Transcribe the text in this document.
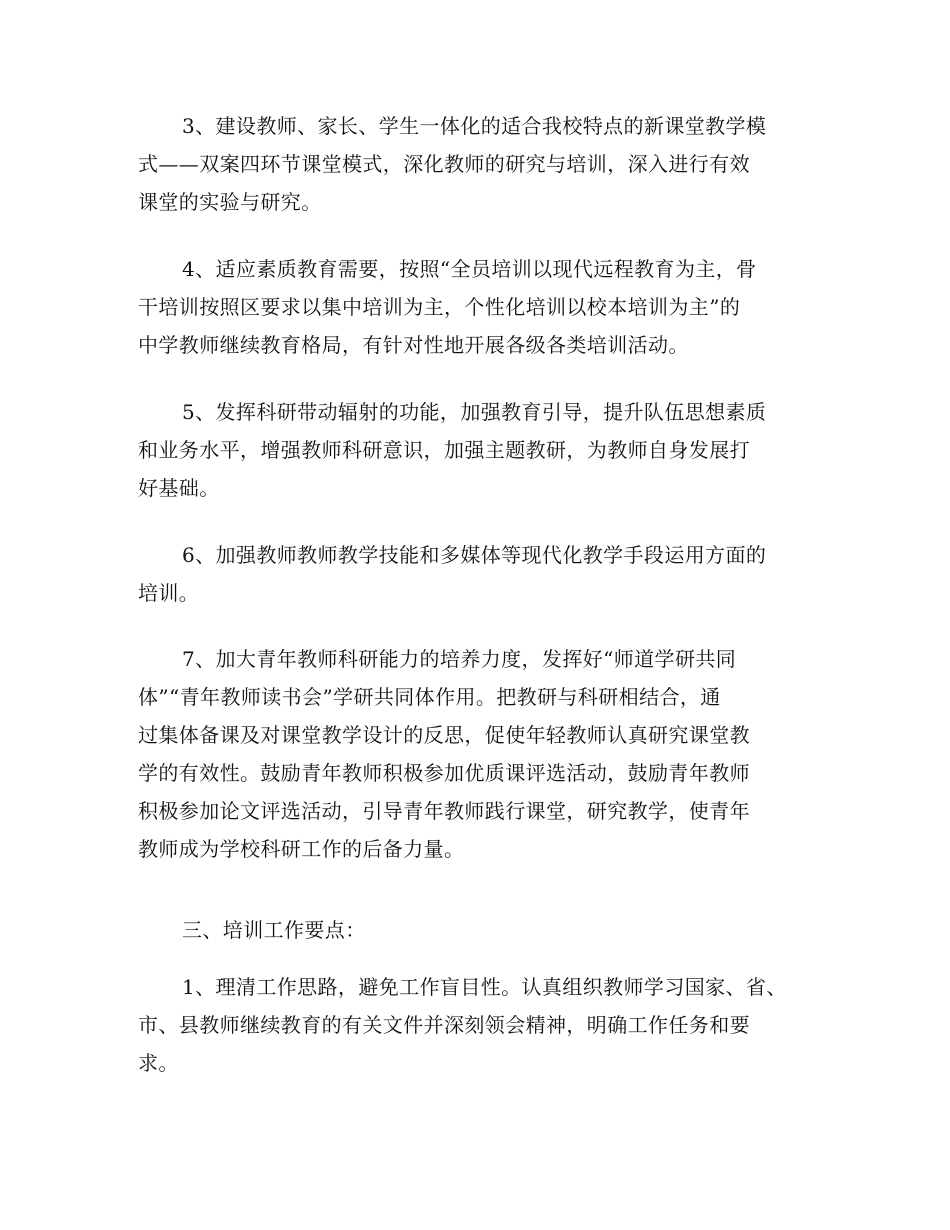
3、建设教师、家长、学生一体化的适合我校特点的新课堂教学模
式——双案四环节课堂模式，深化教师的研究与培训，深入进行有效
课堂的实验与研究。
4、适应素质教育需要，按照“全员培训以现代远程教育为主，骨
干培训按照区要求以集中培训为主，个性化培训以校本培训为主”的
中学教师继续教育格局，有针对性地开展各级各类培训活动。
5、发挥科研带动辐射的功能，加强教育引导，提升队伍思想素质
和业务水平，增强教师科研意识，加强主题教研，为教师自身发展打
好基础。
6、加强教师教师教学技能和多媒体等现代化教学手段运用方面的
培训。
7、加大青年教师科研能力的培养力度，发挥好“师道学研共同
体”“青年教师读书会”学研共同体作用。把教研与科研相结合，通
过集体备课及对课堂教学设计的反思，促使年轻教师认真研究课堂教
学的有效性。鼓励青年教师积极参加优质课评选活动，鼓励青年教师
积极参加论文评选活动，引导青年教师践行课堂，研究教学，使青年
教师成为学校科研工作的后备力量。
三、培训工作要点：
1、理清工作思路，避免工作盲目性。认真组织教师学习国家、省、
市、县教师继续教育的有关文件并深刻领会精神，明确工作任务和要
求。
